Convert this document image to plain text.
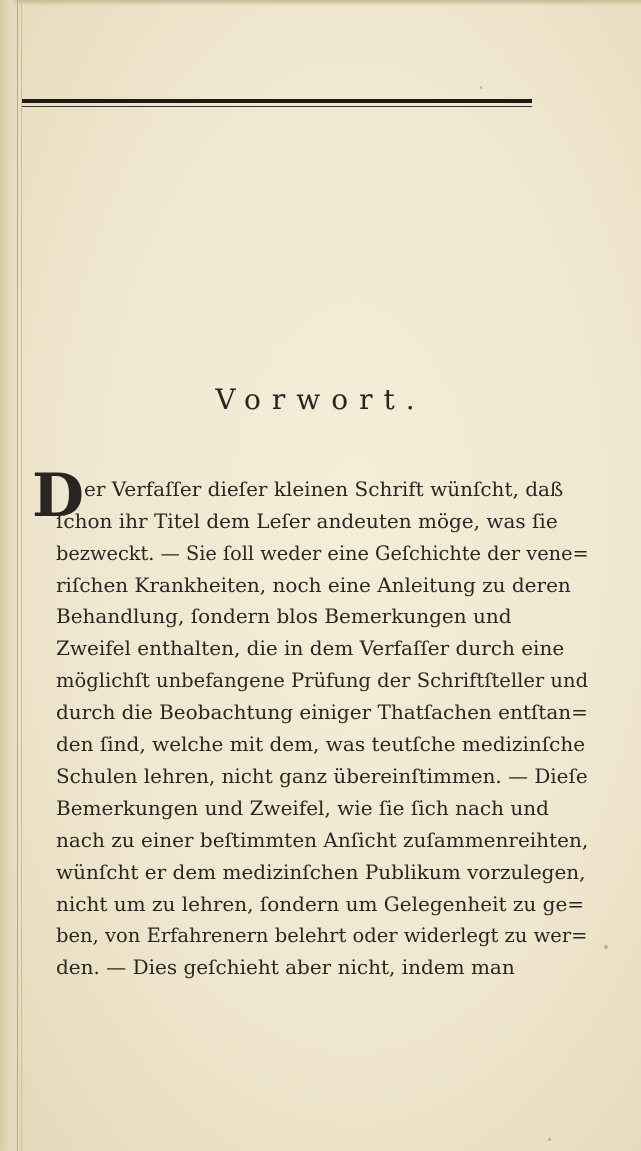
Vorwort.
D er Verfaſſer dieſer kleinen Schrift wünſcht, daß

ſchon ihr Titel dem Leſer andeuten möge, was ſie

bezweckt. — Sie ſoll weder eine Geſchichte der vene=

riſchen Krankheiten, noch eine Anleitung zu deren

Behandlung, ſondern blos Bemerkungen und

Zweifel enthalten, die in dem Verfaſſer durch eine

möglichſt unbefangene Prüfung der Schriftſteller und

durch die Beobachtung einiger Thatſachen entſtan=

den ſind, welche mit dem, was teutſche medizinſche

Schulen lehren, nicht ganz übereinſtimmen. — Dieſe

Bemerkungen und Zweifel, wie ſie ſich nach und

nach zu einer beſtimmten Anſicht zuſammenreihten,

wünſcht er dem medizinſchen Publikum vorzulegen,

nicht um zu lehren, ſondern um Gelegenheit zu ge=

ben, von Erfahrenern belehrt oder widerlegt zu wer=

den. — Dies geſchieht aber nicht, indem man
